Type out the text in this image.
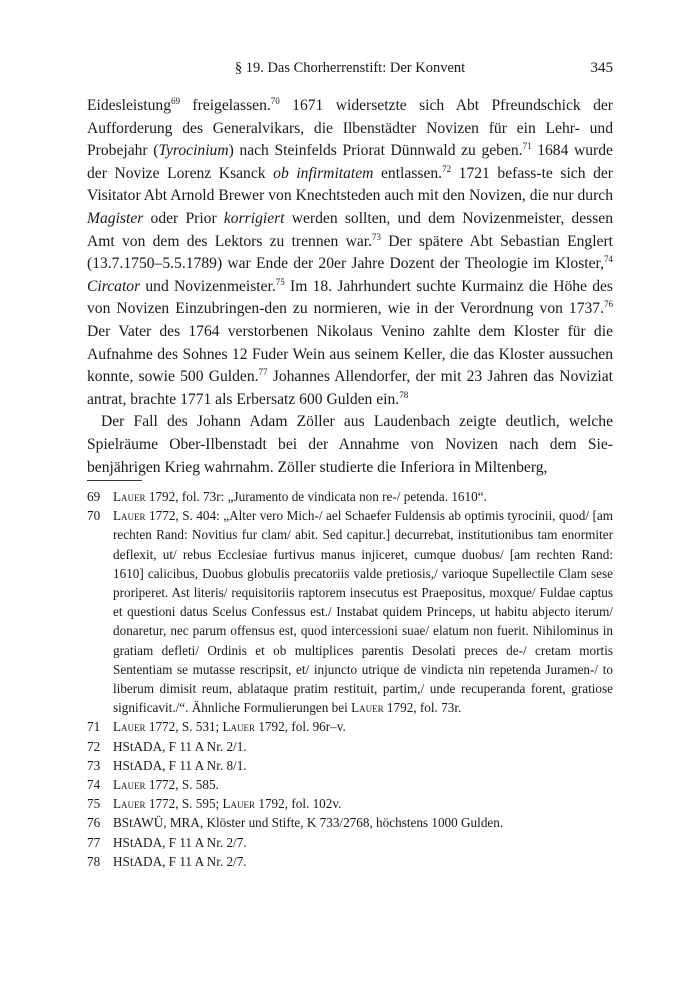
§ 19. Das Chorherrenstift: Der Konvent	345

Eidesleistung$^{69}$ freigelassen.$^{70}$ 1671 widersetzte sich Abt Pfreundschick der Aufforderung des Generalvikars, die Ilbenstädter Novizen für ein Lehr- und Probejahr (Tyrocinium) nach Steinfelds Priorat Dünnwald zu geben.$^{71}$ 1684 wurde der Novize Lorenz Ksanck ob infirmitatem entlassen.$^{72}$ 1721 befass-te sich der Visitator Abt Arnold Brewer von Knechtsteden auch mit den Novizen, die nur durch Magister oder Prior korrigiert werden sollten, und dem Novizenmeister, dessen Amt von dem des Lektors zu trennen war.$^{73}$ Der spätere Abt Sebastian Englert (13.7.1750–5.5.1789) war Ende der 20er Jahre Dozent der Theologie im Kloster,$^{74}$ Circator und Novizenmeister.$^{75}$ Im 18. Jahrhundert suchte Kurmainz die Höhe des von Novizen Einzubringen-den zu normieren, wie in der Verordnung von 1737.76 Der Vater des 1764 verstorbenen Nikolaus Venino zahlte dem Kloster für die Aufnahme des Sohnes 12 Fuder Wein aus seinem Keller, die das Kloster aussuchen konnte, sowie 500 Gulden.$^{77}$ Johannes Allendorfer, der mit 23 Jahren das Noviziat antrat, brachte 1771 als Erbersatz 600 Gulden ein.$^{78}$

Der Fall des Johann Adam Zöller aus Laudenbach zeigte deutlich, welche Spielräume Ober-Ilbenstadt bei der Annahme von Novizen nach dem Sie-benjährigen Krieg wahrnahm. Zöller studierte die Inferiora in Miltenberg,

69 Lauer 1792, fol. 73r: „Juramento de vindicata non re-/ petenda. 1610“.
70 Lauer 1772, S. 404: „Alter vero Mich-/ ael Schaefer Fuldensis ab optimis tyrocinii, quod/ [am rechten Rand: Novitius fur clam/ abit. Sed capitur.] decurrebat, institutionibus tam enormiter deflexit, ut/ rebus Ecclesiae furtivus manus injiceret, cumque duobus/ [am rechten Rand: 1610] calicibus, Duobus globulis precatoriis valde pretiosis,/ varioque Supellectile Clam sese proriperet. Ast literis/ requisitoriis raptorem insecutus est Praepositus, moxque/ Fuldae captus et questioni datus Scelus Confessus est./ Instabat quidem Princeps, ut habitu abjecto iterum/ donaretur, nec parum offensus est, quod intercessioni suae/ elatum non fuerit. Nihilominus in gratiam defleti/ Ordinis et ob multiplices parentis Desolati preces de-/ cretam mortis Sententiam se mutasse rescripsit, et/ injuncto utrique de vindicta nin repetenda Juramen-/ to liberum dimisit reum, ablataque pratim restituit, partim,/ unde recuperanda forent, gratiose significavit./“. Ähnliche Formulierungen bei Lauer 1792, fol. 73r.
71 Lauer 1772, S. 531; Lauer 1792, fol. 96r–v.
72 HStADA, F 11 A Nr. 2/1.
73 HStADA, F 11 A Nr. 8/1.
74 Lauer 1772, S. 585.
75 Lauer 1772, S. 595; Lauer 1792, fol. 102v.
76 BStAWÜ, MRA, Klöster und Stifte, K 733/2768, höchstens 1000 Gulden.
77 HStADA, F 11 A Nr. 2/7.
78 HStADA, F 11 A Nr. 2/7.
